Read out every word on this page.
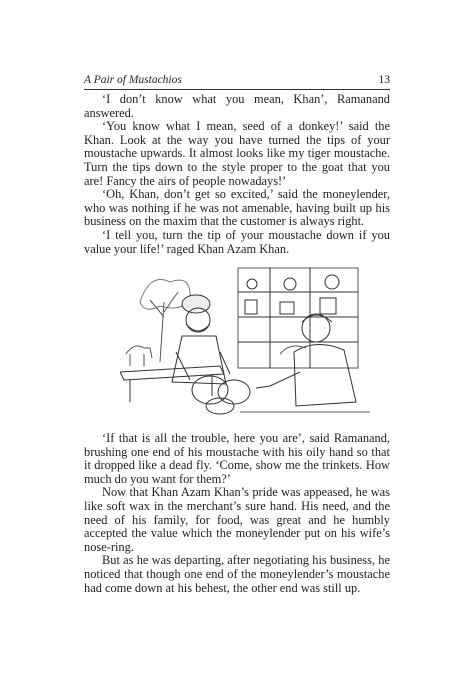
A Pair of Mustachios	13

‘I don’t know what you mean, Khan’, Ramanand answered.

‘You know what I mean, seed of a donkey!’ said the Khan. Look at the way you have turned the tips of your moustache upwards. It almost looks like my tiger moustache. Turn the tips down to the style proper to the goat that you are! Fancy the airs of people nowadays!’

‘Oh, Khan, don’t get so excited,’ said the moneylender, who was nothing if he was not amenable, having built up his business on the maxim that the customer is always right.

‘I tell you, turn the tip of your moustache down if you value your life!’ raged Khan Azam Khan.

‘If that is all the trouble, here you are’, said Ramanand, brushing one end of his moustache with his oily hand so that it dropped like a dead fly. ‘Come, show me the trinkets. How much do you want for them?’

Now that Khan Azam Khan’s pride was appeased, he was like soft wax in the merchant’s sure hand. His need, and the need of his family, for food, was great and he humbly accepted the value which the moneylender put on his wife’s nose-ring.

But as he was departing, after negotiating his business, he noticed that though one end of the moneylender’s moustache had come down at his behest, the other end was still up.
